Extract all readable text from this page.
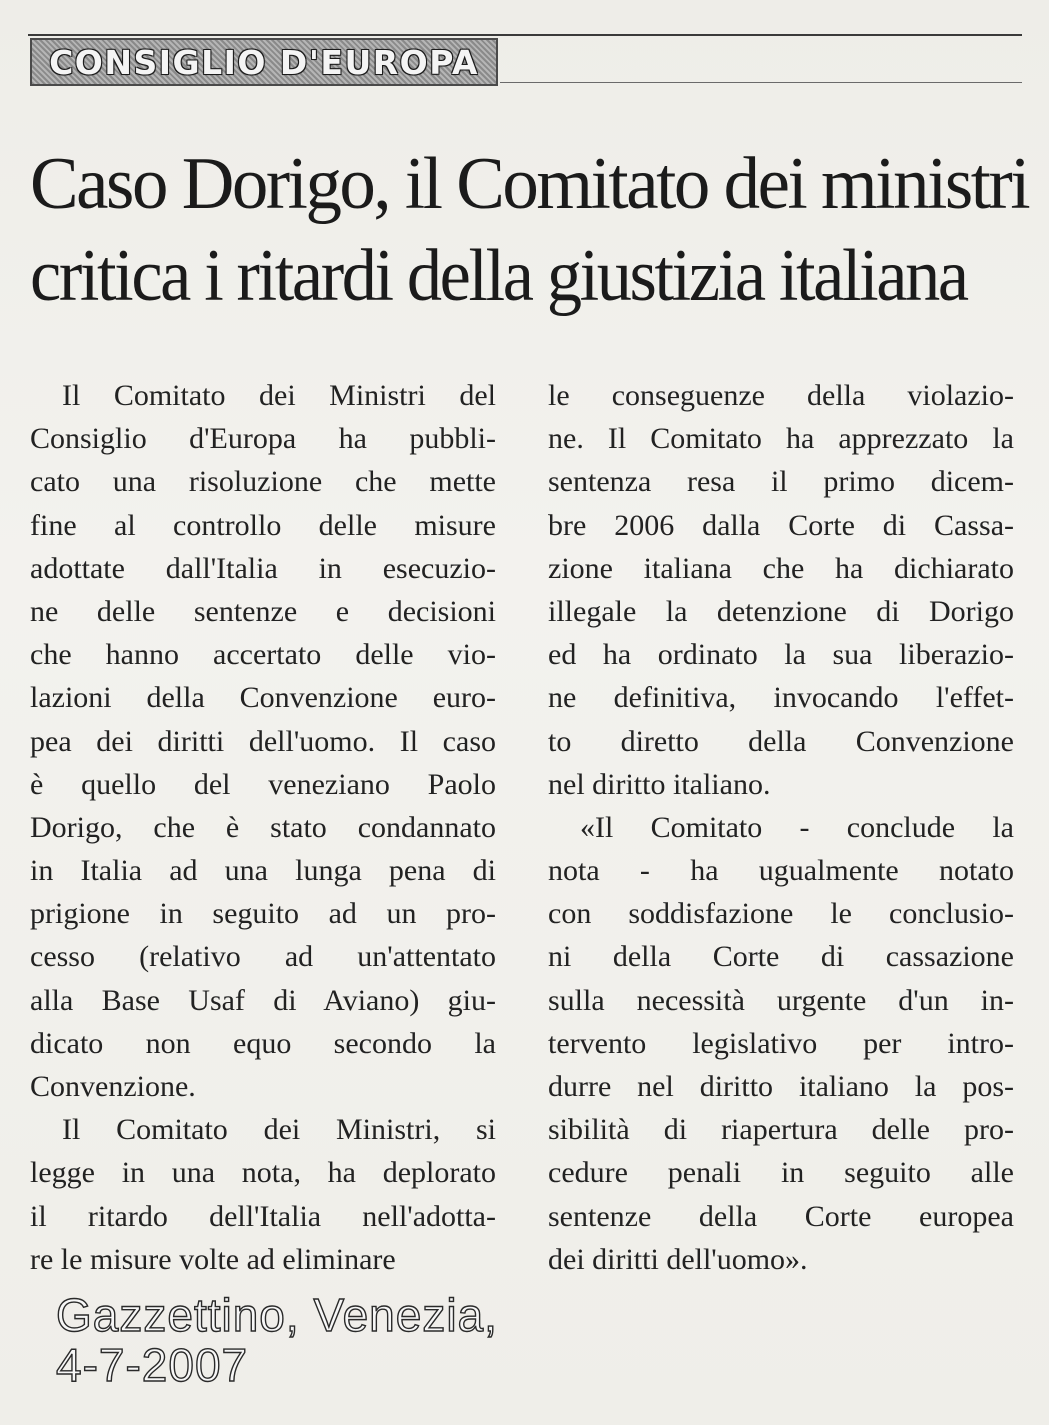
CONSIGLIO D'EUROPA
Caso Dorigo, il Comitato dei ministri
critica i ritardi della giustizia italiana
Il Comitato dei Ministri del
Consiglio d'Europa ha pubbli-
cato una risoluzione che mette
fine al controllo delle misure
adottate dall'Italia in esecuzio-
ne delle sentenze e decisioni
che hanno accertato delle vio-
lazioni della Convenzione euro-
pea dei diritti dell'uomo. Il caso
è quello del veneziano Paolo
Dorigo, che è stato condannato
in Italia ad una lunga pena di
prigione in seguito ad un pro-
cesso (relativo ad un'attentato
alla Base Usaf di Aviano) giu-
dicato non equo secondo la
Convenzione.
Il Comitato dei Ministri, si
legge in una nota, ha deplorato
il ritardo dell'Italia nell'adotta-
re le misure volte ad eliminare
le conseguenze della violazio-
ne. Il Comitato ha apprezzato la
sentenza resa il primo dicem-
bre 2006 dalla Corte di Cassa-
zione italiana che ha dichiarato
illegale la detenzione di Dorigo
ed ha ordinato la sua liberazio-
ne definitiva, invocando l'effet-
to diretto della Convenzione
nel diritto italiano.
«Il Comitato - conclude la
nota - ha ugualmente notato
con soddisfazione le conclusio-
ni della Corte di cassazione
sulla necessità urgente d'un in-
tervento legislativo per intro-
durre nel diritto italiano la pos-
sibilità di riapertura delle pro-
cedure penali in seguito alle
sentenze della Corte europea
dei diritti dell'uomo».
Gazzettino, Venezia,
4-7-2007
